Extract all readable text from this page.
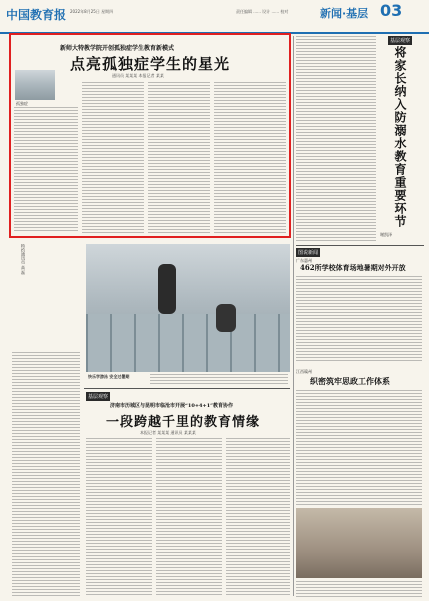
中国教育报 2022年8月25日 星期四	责任编辑 ...... 设计 ...... 校对	新闻·基层 03
新师大特教学院开创孤独症学生教育新模式
点亮孤独症学生的星光
通讯员 某某某 本报记者 某某
孤独症
基层观察
将家长纳入防溺水教育重要环节
谢凯泽
图说新闻
广东惠州
462所学校体育场地暑期对外开放
江西赣州
织密筑牢思政工作体系
特约通讯员 高 磊
快乐学游泳 安全过暑期
基层观察
济南市历城区与昆明市临沧市开展“10+4+1”教育协作
一段跨越千里的教育情缘
本报记者 某某某 通讯员 某某某
